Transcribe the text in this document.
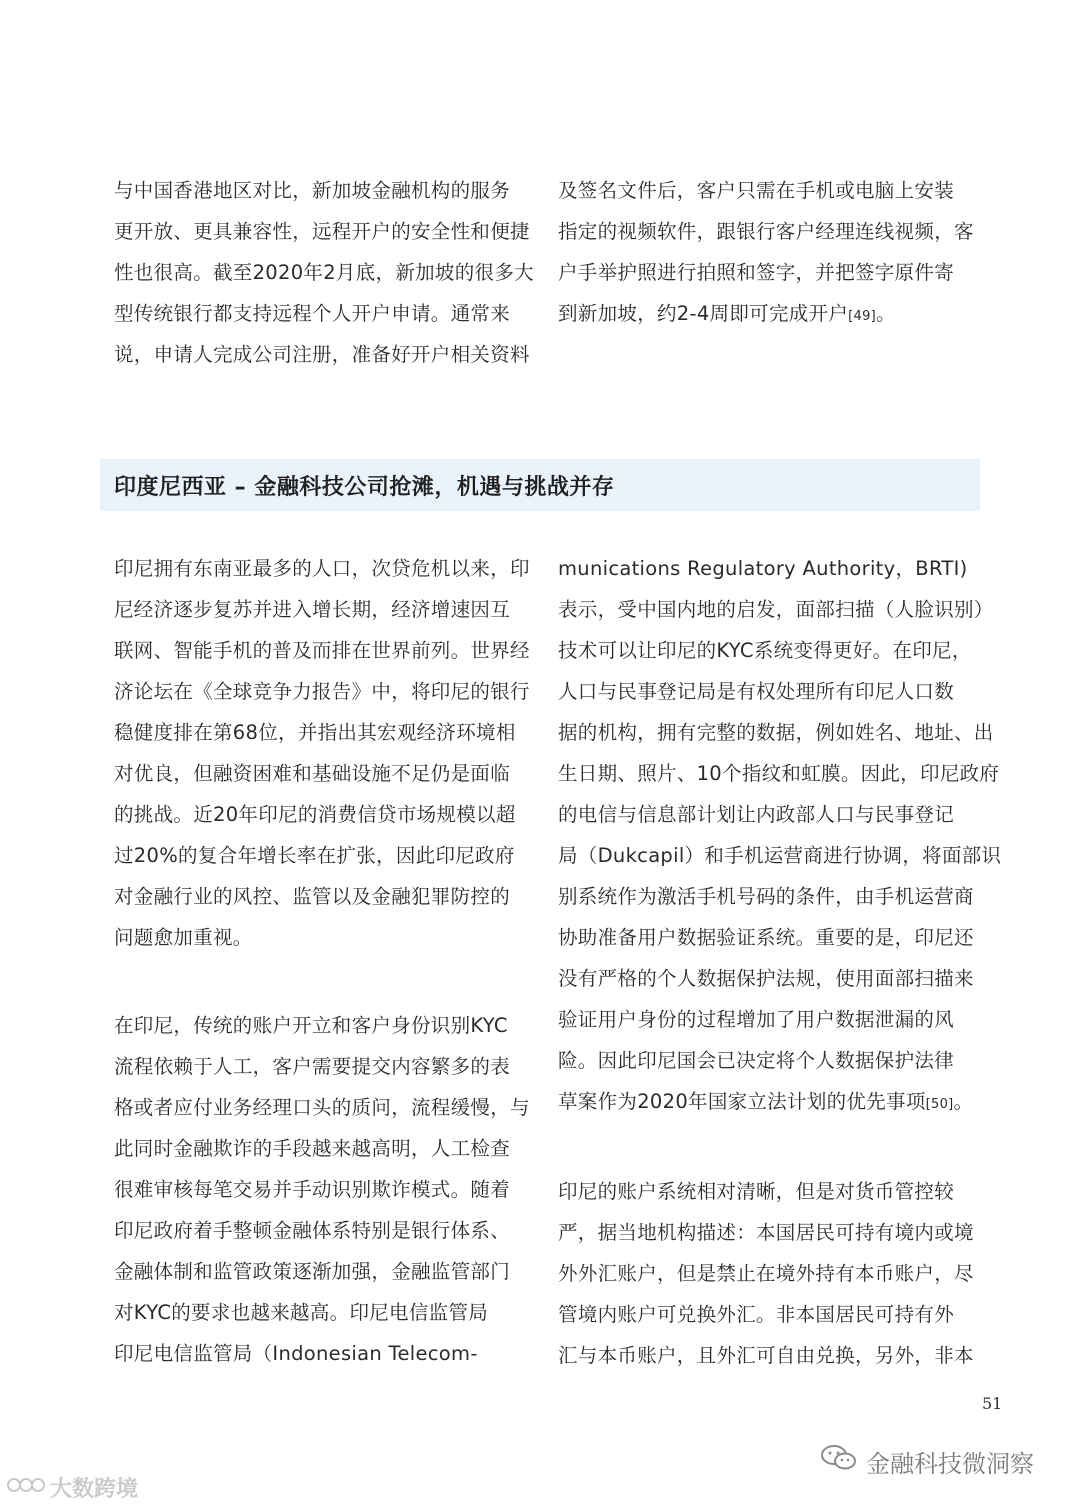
与中国香港地区对比，新加坡金融机构的服务
更开放、更具兼容性，远程开户的安全性和便捷
性也很高。截至2020年2月底，新加坡的很多大
型传统银行都支持远程个人开户申请。通常来
说，申请人完成公司注册，准备好开户相关资料
及签名文件后，客户只需在手机或电脑上安装
指定的视频软件，跟银行客户经理连线视频，客
户手举护照进行拍照和签字，并把签字原件寄
到新加坡，约2-4周即可完成开户[49]。
印度尼西亚 – 金融科技公司抢滩，机遇与挑战并存
印尼拥有东南亚最多的人口，次贷危机以来，印
尼经济逐步复苏并进入增长期，经济增速因互
联网、智能手机的普及而排在世界前列。世界经
济论坛在《全球竞争力报告》中，将印尼的银行
稳健度排在第68位，并指出其宏观经济环境相
对优良，但融资困难和基础设施不足仍是面临
的挑战。近20年印尼的消费信贷市场规模以超
过20%的复合年增长率在扩张，因此印尼政府
对金融行业的风控、监管以及金融犯罪防控的
问题愈加重视。
在印尼，传统的账户开立和客户身份识别KYC
流程依赖于人工，客户需要提交内容繁多的表
格或者应付业务经理口头的质问，流程缓慢，与
此同时金融欺诈的手段越来越高明，人工检查
很难审核每笔交易并手动识别欺诈模式。随着
印尼政府着手整顿金融体系特别是银行体系、
金融体制和监管政策逐渐加强，金融监管部门
对KYC的要求也越来越高。印尼电信监管局
印尼电信监管局（Indonesian Telecom-
munications Regulatory Authority，BRTI)
表示，受中国内地的启发，面部扫描（人脸识别）
技术可以让印尼的KYC系统变得更好。在印尼，
人口与民事登记局是有权处理所有印尼人口数
据的机构，拥有完整的数据，例如姓名、地址、出
生日期、照片、10个指纹和虹膜。因此，印尼政府
的电信与信息部计划让内政部人口与民事登记
局（Dukcapil）和手机运营商进行协调，将面部识
别系统作为激活手机号码的条件，由手机运营商
协助准备用户数据验证系统。重要的是，印尼还
没有严格的个人数据保护法规，使用面部扫描来
验证用户身份的过程增加了用户数据泄漏的风
险。因此印尼国会已决定将个人数据保护法律
草案作为2020年国家立法计划的优先事项[50]。
印尼的账户系统相对清晰，但是对货币管控较
严，据当地机构描述：本国居民可持有境内或境
外外汇账户，但是禁止在境外持有本币账户，尽
管境内账户可兑换外汇。非本国居民可持有外
汇与本币账户，且外汇可自由兑换，另外，非本
51
大数跨境
金融科技微洞察
